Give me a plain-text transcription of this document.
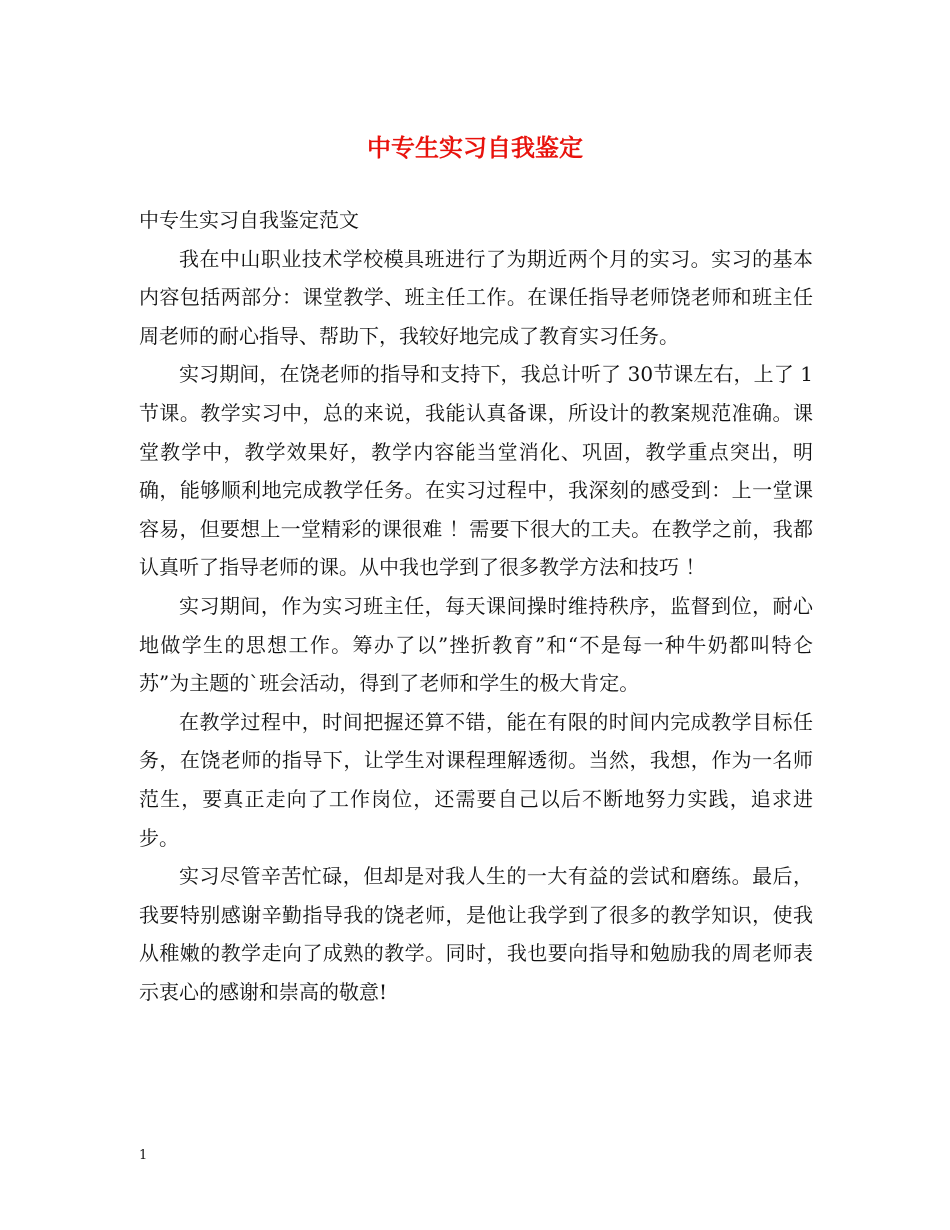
中专生实习自我鉴定

中专生实习自我鉴定范文

我在中山职业技术学校模具班进行了为期近两个月的实习。实习的基本内容包括两部分：课堂教学、班主任工作。在课任指导老师饶老师和班主任周老师的耐心指导、帮助下，我较好地完成了教育实习任务。

实习期间，在饶老师的指导和支持下，我总计听了 30节课左右，上了 1 节课。教学实习中，总的来说，我能认真备课，所设计的教案规范准确。课堂教学中，教学效果好，教学内容能当堂消化、巩固，教学重点突出，明确，能够顺利地完成教学任务。在实习过程中，我深刻的感受到：上一堂课容易，但要想上一堂精彩的课很难 ！需要下很大的工夫。在教学之前，我都认真听了指导老师的课。从中我也学到了很多教学方法和技巧 ！

实习期间，作为实习班主任，每天课间操时维持秩序，监督到位，耐心地做学生的思想工作。筹办了以”挫折教育”和“不是每一种牛奶都叫特仑苏”为主题的`班会活动，得到了老师和学生的极大肯定。

在教学过程中，时间把握还算不错，能在有限的时间内完成教学目标任务，在饶老师的指导下，让学生对课程理解透彻。当然，我想，作为一名师范生，要真正走向了工作岗位，还需要自己以后不断地努力实践，追求进步。

实习尽管辛苦忙碌，但却是对我人生的一大有益的尝试和磨练。最后，我要特别感谢辛勤指导我的饶老师，是他让我学到了很多的教学知识，使我从稚嫩的教学走向了成熟的教学。同时，我也要向指导和勉励我的周老师表示衷心的感谢和崇高的敬意!

1
